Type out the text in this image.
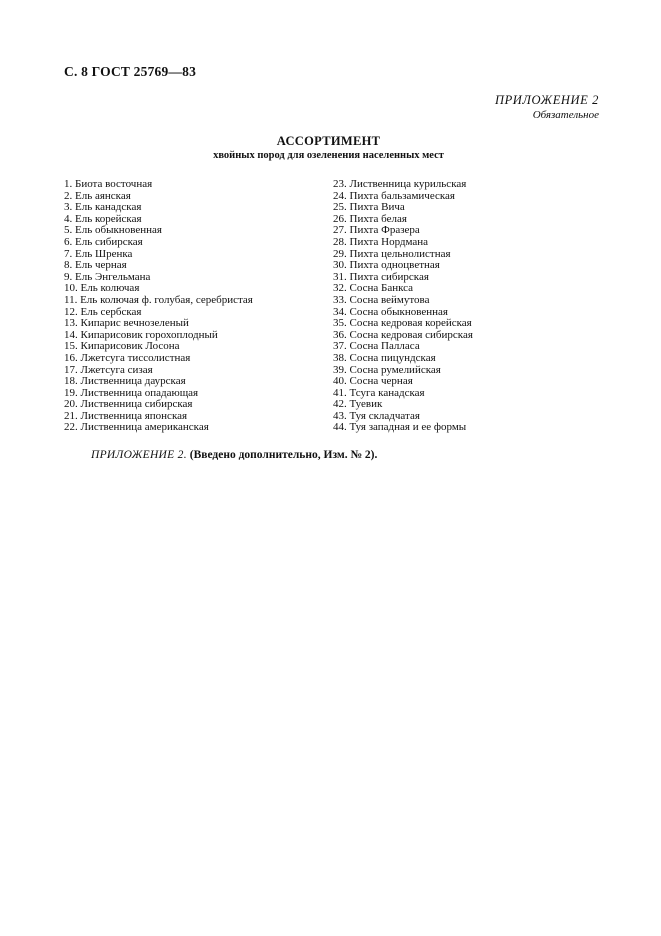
С. 8 ГОСТ 25769—83
ПРИЛОЖЕНИЕ 2
Обязательное
АССОРТИМЕНТ
хвойных пород для озеленения населенных мест
1. Биота восточная
2. Ель аянская
3. Ель канадская
4. Ель корейская
5. Ель обыкновенная
6. Ель сибирская
7. Ель Шренка
8. Ель черная
9. Ель Энгельмана
10. Ель колючая
11. Ель колючая ф. голубая, серебристая
12. Ель сербская
13. Кипарис вечнозеленый
14. Кипарисовик горохоплодный
15. Кипарисовик Лосона
16. Лжетсуга тиссолистная
17. Лжетсуга сизая
18. Лиственница даурская
19. Лиственница опадающая
20. Лиственница сибирская
21. Лиственница японская
22. Лиственница американская
23. Лиственница курильская
24. Пихта бальзамическая
25. Пихта Вича
26. Пихта белая
27. Пихта Фразера
28. Пихта Нордмана
29. Пихта цельнолистная
30. Пихта одноцветная
31. Пихта сибирская
32. Сосна Банкса
33. Сосна веймутова
34. Сосна обыкновенная
35. Сосна кедровая корейская
36. Сосна кедровая сибирская
37. Сосна Палласа
38. Сосна пицундская
39. Сосна румелийская
40. Сосна черная
41. Тсуга канадская
42. Туевик
43. Туя складчатая
44. Туя западная и ее формы
ПРИЛОЖЕНИЕ 2. (Введено дополнительно, Изм. № 2).
